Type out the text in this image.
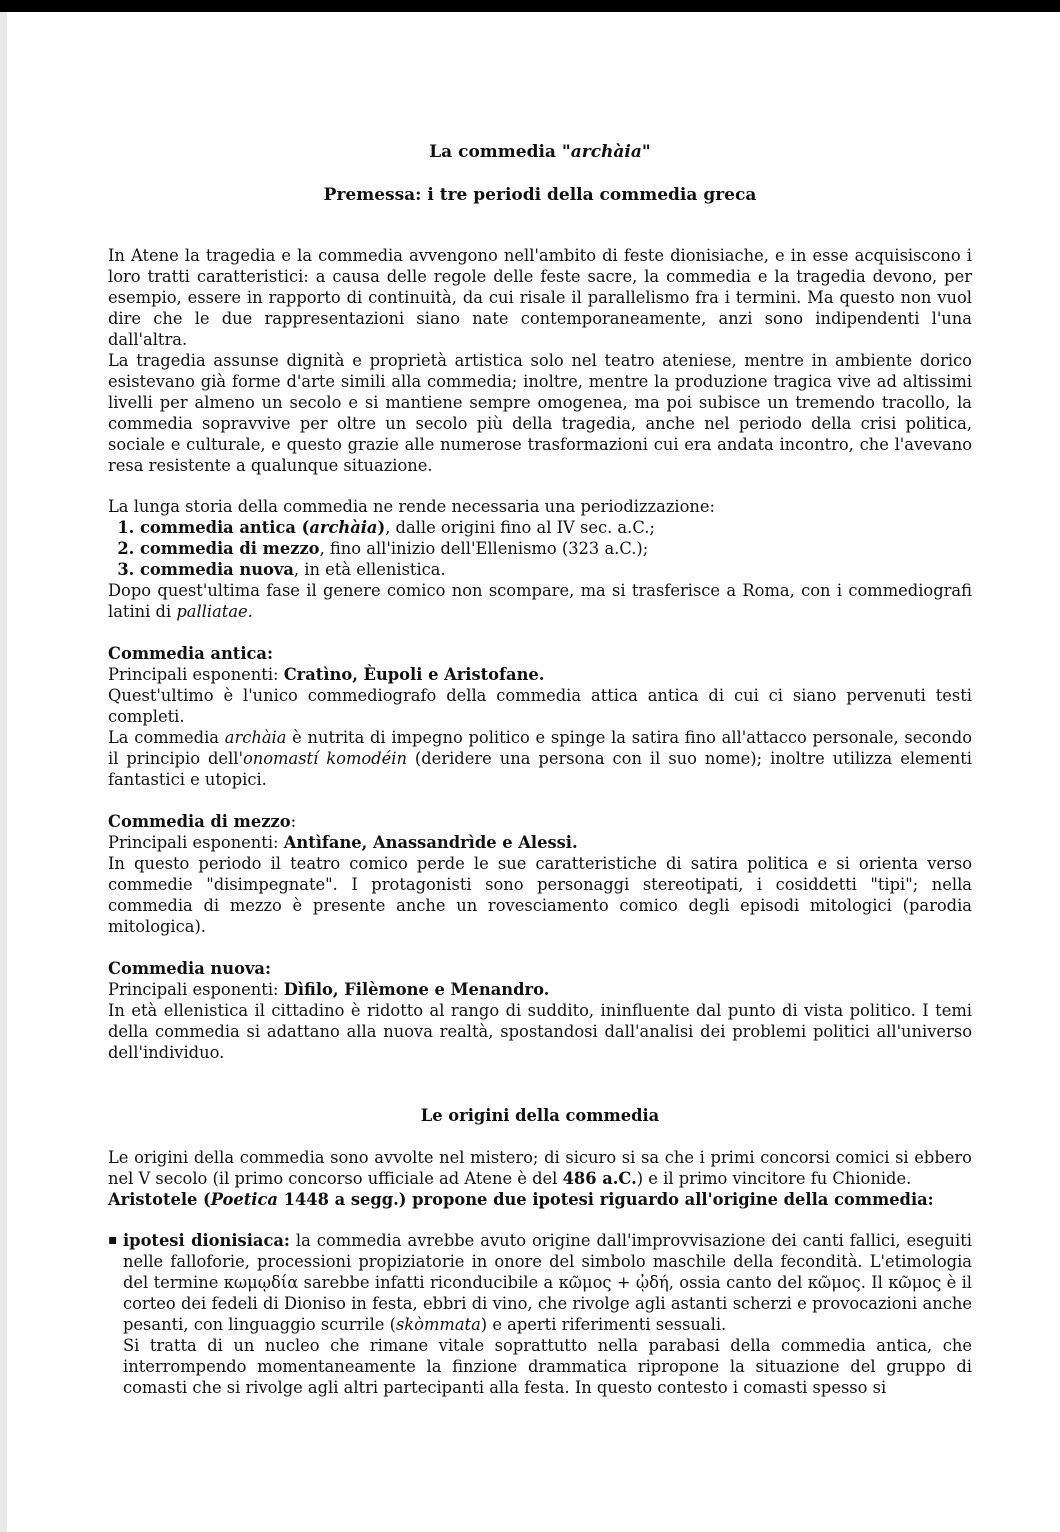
La commedia "archàia"

Premessa: i tre periodi della commedia greca

In Atene la tragedia e la commedia avvengono nell'ambito di feste dionisiache, e in esse acquisiscono i loro tratti caratteristici: a causa delle regole delle feste sacre, la commedia e la tragedia devono, per esempio, essere in rapporto di continuità, da cui risale il parallelismo fra i termini. Ma questo non vuol dire che le due rappresentazioni siano nate contemporaneamente, anzi sono indipendenti l'una dall'altra.

La tragedia assunse dignità e proprietà artistica solo nel teatro ateniese, mentre in ambiente dorico esistevano già forme d'arte simili alla commedia; inoltre, mentre la produzione tragica vive ad altissimi livelli per almeno un secolo e si mantiene sempre omogenea, ma poi subisce un tremendo tracollo, la commedia sopravvive per oltre un secolo più della tragedia, anche nel periodo della crisi politica, sociale e culturale, e questo grazie alle numerose trasformazioni cui era andata incontro, che l'avevano resa resistente a qualunque situazione.

La lunga storia della commedia ne rende necessaria una periodizzazione:

1. commedia antica (archàia), dalle origini fino al IV sec. a.C.;
2. commedia di mezzo, fino all'inizio dell'Ellenismo (323 a.C.);
3. commedia nuova, in età ellenistica.

Dopo quest'ultima fase il genere comico non scompare, ma si trasferisce a Roma, con i commediografi latini di palliatae.

Commedia antica:

Principali esponenti: Cratìno, Èupoli e Aristofane.

Quest'ultimo è l'unico commediografo della commedia attica antica di cui ci siano pervenuti testi completi.

La commedia archàia è nutrita di impegno politico e spinge la satira fino all'attacco personale, secondo il principio dell'onomastí komodéin (deridere una persona con il suo nome); inoltre utilizza elementi fantastici e utopici.

Commedia di mezzo:

Principali esponenti: Antìfane, Anassandrìde e Alessi.

In questo periodo il teatro comico perde le sue caratteristiche di satira politica e si orienta verso commedie "disimpegnate". I protagonisti sono personaggi stereotipati, i cosiddetti "tipi"; nella commedia di mezzo è presente anche un rovesciamento comico degli episodi mitologici (parodia mitologica).

Commedia nuova:

Principali esponenti: Dìfilo, Filèmone e Menandro.

In età ellenistica il cittadino è ridotto al rango di suddito, ininfluente dal punto di vista politico. I temi della commedia si adattano alla nuova realtà, spostandosi dall'analisi dei problemi politici all'universo dell'individuo.

Le origini della commedia

Le origini della commedia sono avvolte nel mistero; di sicuro si sa che i primi concorsi comici si ebbero nel V secolo (il primo concorso ufficiale ad Atene è del 486 a.C.) e il primo vincitore fu Chionide.

Aristotele (Poetica 1448 a segg.) propone due ipotesi riguardo all'origine della commedia:

▪ ipotesi dionisiaca: la commedia avrebbe avuto origine dall'improvvisazione dei canti fallici, eseguiti nelle falloforie, processioni propiziatorie in onore del simbolo maschile della fecondità. L'etimologia del termine κωμῳδία sarebbe infatti riconducibile a κῶμος + ᾠδή, ossia canto del κῶμος. Il κῶμος è il corteo dei fedeli di Dioniso in festa, ebbri di vino, che rivolge agli astanti scherzi e provocazioni anche pesanti, con linguaggio scurrile (skòmmata) e aperti riferimenti sessuali.
Si tratta di un nucleo che rimane vitale soprattutto nella parabasi della commedia antica, che interrompendo momentaneamente la finzione drammatica ripropone la situazione del gruppo di comasti che si rivolge agli altri partecipanti alla festa. In questo contesto i comasti spesso si
